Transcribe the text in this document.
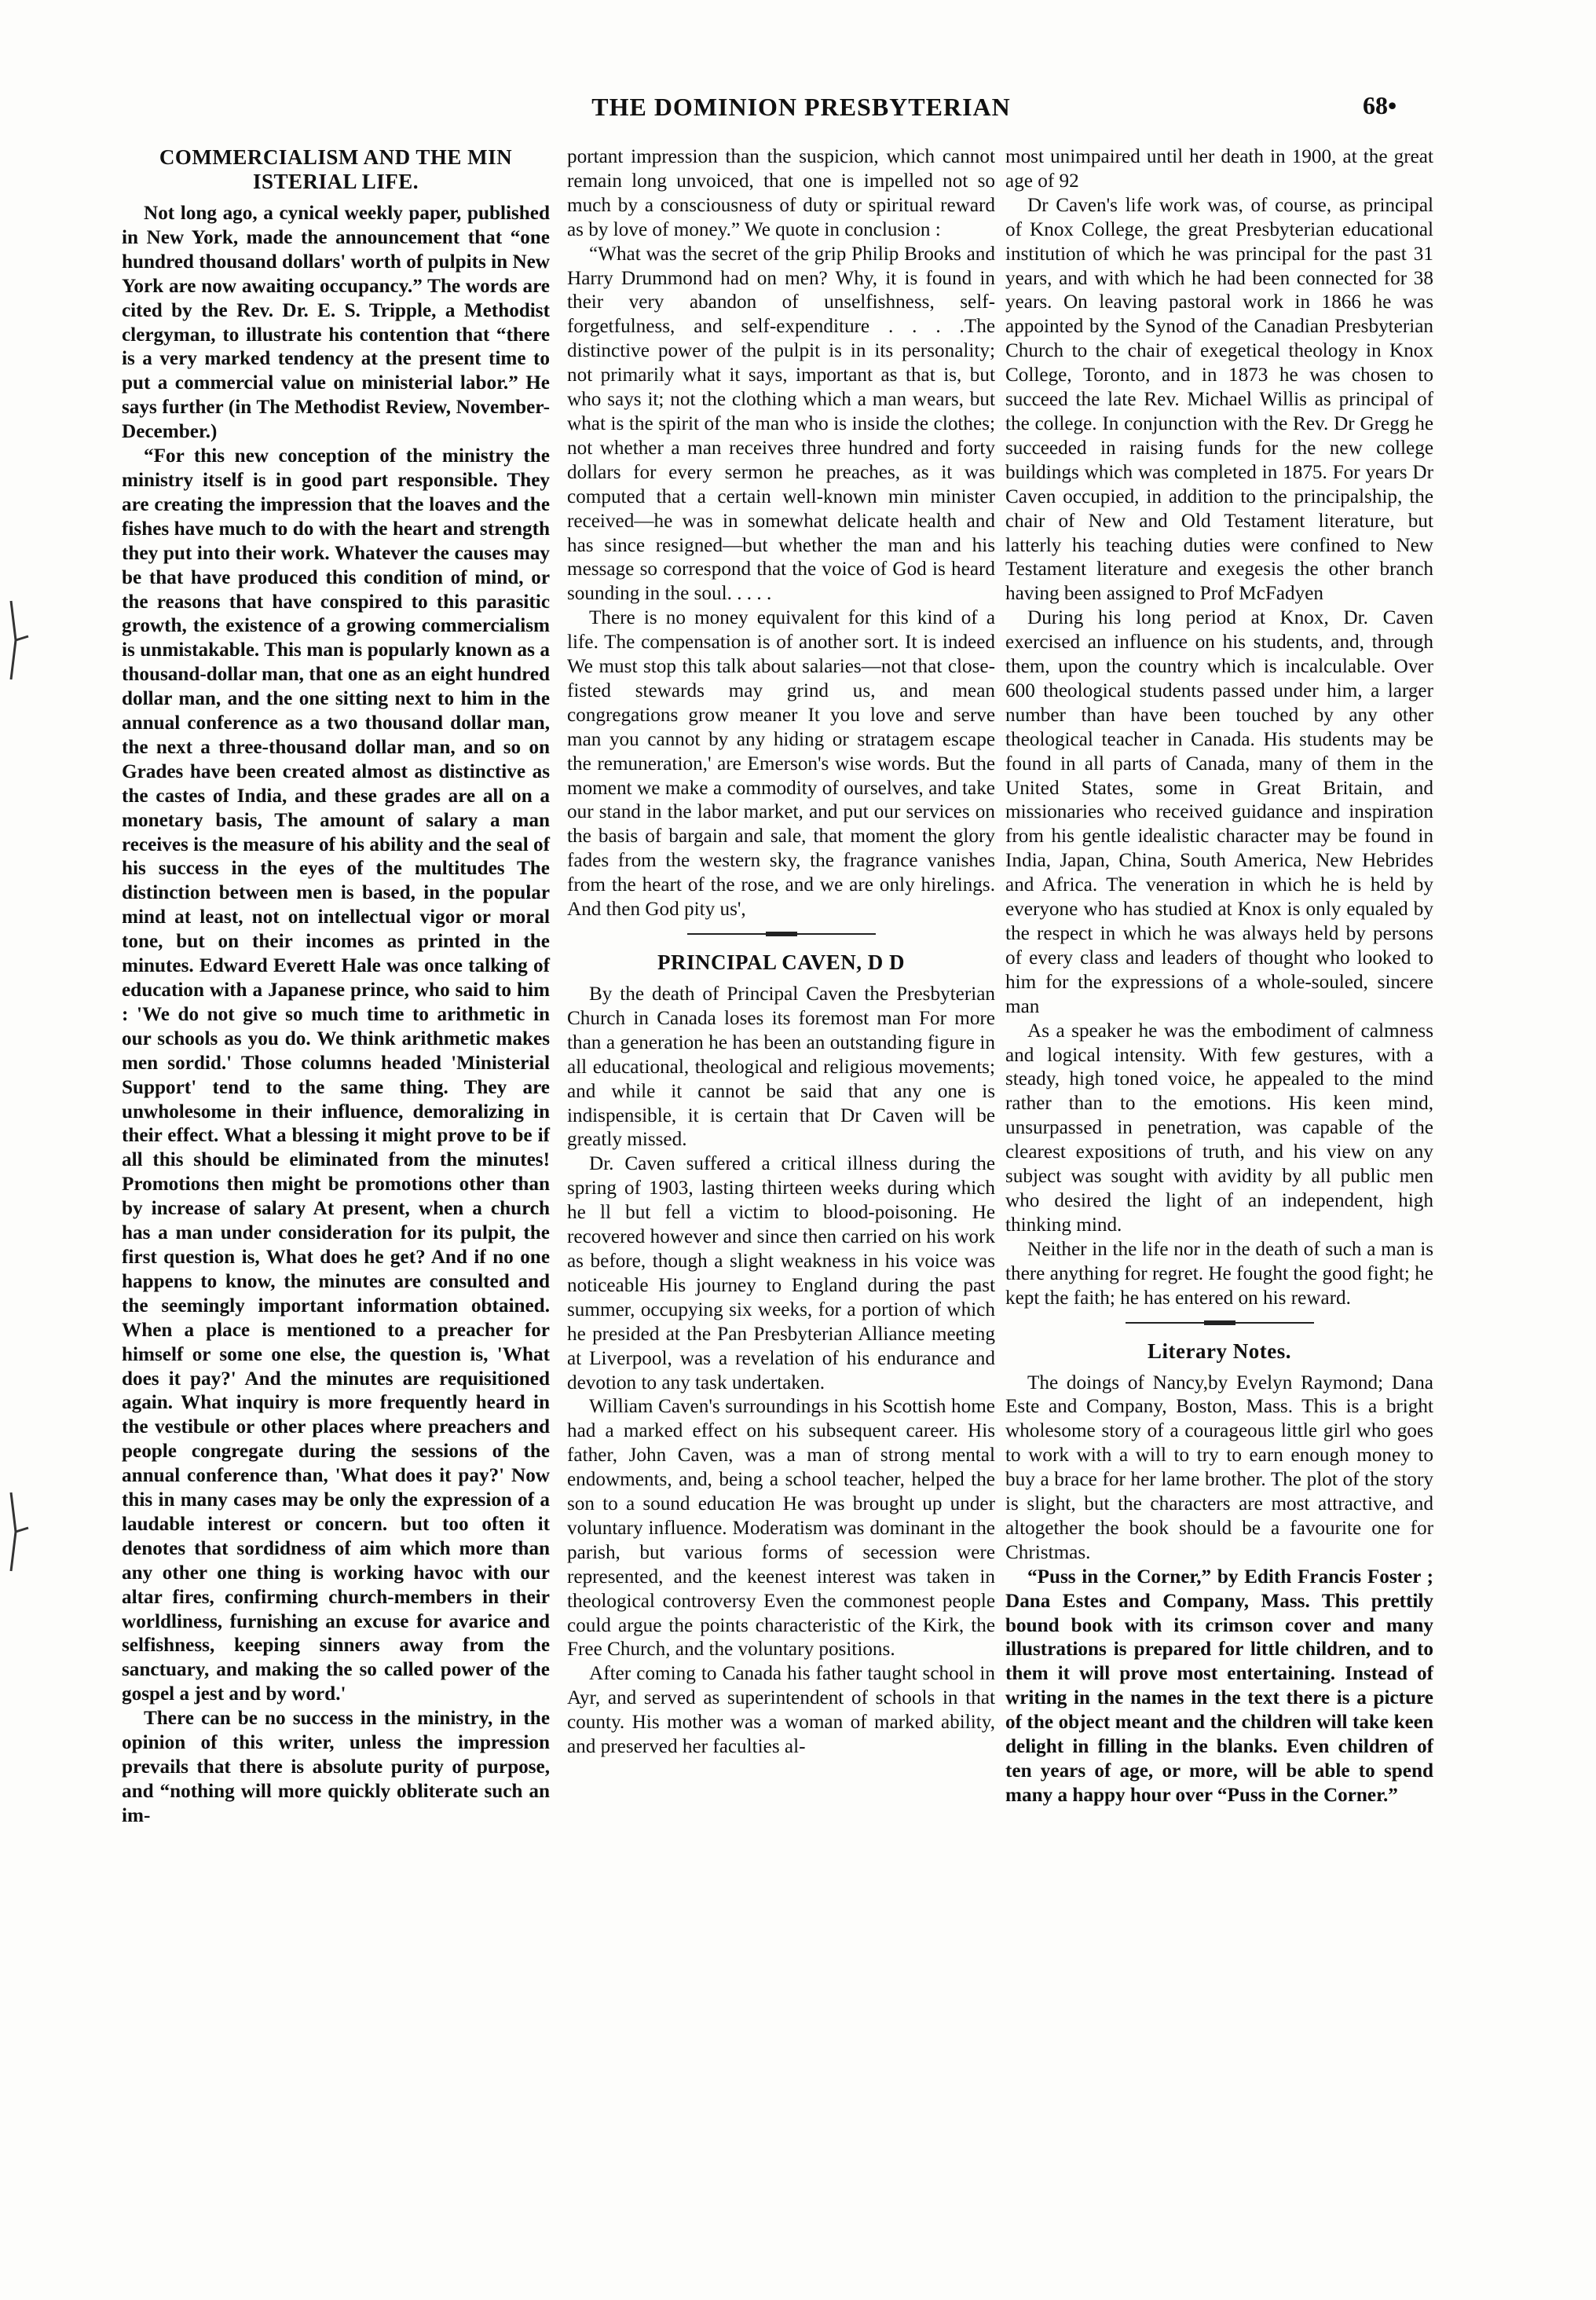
THE DOMINION PRESBYTERIAN	68•
COMMERCIALISM AND THE MIN ISTERIAL LIFE.

Not long ago, a cynical weekly paper, published in New York, made the announcement that “one hundred thousand dollars' worth of pulpits in New York are now awaiting occupancy.” The words are cited by the Rev. Dr. E. S. Tripple, a Methodist clergyman, to illustrate his contention that “there is a very marked tendency at the present time to put a commercial value on ministerial labor.” He says further (in The Methodist Review, November-December.)

“For this new conception of the ministry the ministry itself is in good part responsible. They are creating the impression that the loaves and the fishes have much to do with the heart and strength they put into their work. Whatever the causes may be that have produced this condition of mind, or the reasons that have conspired to this parasitic growth, the existence of a growing commercialism is unmistakable. This man is popularly known as a thousand-dollar man, that one as an eight hundred dollar man, and the one sitting next to him in the annual conference as a two thousand dollar man, the next a three-thousand dollar man, and so on Grades have been created almost as distinctive as the castes of India, and these grades are all on a monetary basis, The amount of salary a man receives is the measure of his ability and the seal of his success in the eyes of the multitudes The distinction between men is based, in the popular mind at least, not on intellectual vigor or moral tone, but on their incomes as printed in the minutes. Edward Everett Hale was once talking of education with a Japanese prince, who said to him : 'We do not give so much time to arithmetic in our schools as you do. We think arithmetic makes men sordid.' Those columns headed 'Ministerial Support' tend to the same thing. They are unwholesome in their influence, demoralizing in their effect. What a blessing it might prove to be if all this should be eliminated from the minutes! Promotions then might be promotions other than by increase of salary At present, when a church has a man under consideration for its pulpit, the first question is, What does he get? And if no one happens to know, the minutes are consulted and the seemingly important information obtained. When a place is mentioned to a preacher for himself or some one else, the question is, 'What does it pay?' And the minutes are requisitioned again. What inquiry is more frequently heard in the vestibule or other places where preachers and people congregate during the sessions of the annual conference than, 'What does it pay?' Now this in many cases may be only the expression of a laudable interest or concern. but too often it denotes that sordidness of aim which more than any other one thing is working havoc with our altar fires, confirming church-members in their worldliness, furnishing an excuse for avarice and selfishness, keeping sinners away from the sanctuary, and making the so called power of the gospel a jest and by word.'

There can be no success in the ministry, in the opinion of this writer, unless the impression prevails that there is absolute purity of purpose, and “nothing will more quickly obliterate such an im-

portant impression than the suspicion, which cannot remain long unvoiced, that one is impelled not so much by a consciousness of duty or spiritual reward as by love of money.” We quote in conclusion :

“What was the secret of the grip Philip Brooks and Harry Drummond had on men? Why, it is found in their very abandon of unselfishness, self-forgetfulness, and self-expenditure . . . .The distinctive power of the pulpit is in its personality; not primarily what it says, important as that is, but who says it; not the clothing which a man wears, but what is the spirit of the man who is inside the clothes; not whether a man receives three hundred and forty dollars for every sermon he preaches, as it was computed that a certain well-known min minister received—he was in somewhat delicate health and has since resigned—but whether the man and his message so correspond that the voice of God is heard sounding in the soul. . . . .

There is no money equivalent for this kind of a life. The compensation is of another sort. It is indeed We must stop this talk about salaries—not that close-fisted stewards may grind us, and mean congregations grow meaner It you love and serve man you cannot by any hiding or stratagem escape the remuneration,' are Emerson's wise words. But the moment we make a commodity of ourselves, and take our stand in the labor market, and put our services on the basis of bargain and sale, that moment the glory fades from the western sky, the fragrance vanishes from the heart of the rose, and we are only hirelings. And then God pity us',

PRINCIPAL CAVEN, D D

By the death of Principal Caven the Presbyterian Church in Canada loses its foremost man For more than a generation he has been an outstanding figure in all educational, theological and religious movements; and while it cannot be said that any one is indispensible, it is certain that Dr Caven will be greatly missed.

Dr. Caven suffered a critical illness during the spring of 1903, lasting thirteen weeks during which he ll but fell a victim to blood-poisoning. He recovered however and since then carried on his work as before, though a slight weakness in his voice was noticeable His journey to England during the past summer, occupying six weeks, for a portion of which he presided at the Pan Presbyterian Alliance meeting at Liverpool, was a revelation of his endurance and devotion to any task undertaken.

William Caven's surroundings in his Scottish home had a marked effect on his subsequent career. His father, John Caven, was a man of strong mental endowments, and, being a school teacher, helped the son to a sound education He was brought up under voluntary influence. Moderatism was dominant in the parish, but various forms of secession were represented, and the keenest interest was taken in theological controversy Even the commonest people could argue the points characteristic of the Kirk, the Free Church, and the voluntary positions.

After coming to Canada his father taught school in Ayr, and served as superintendent of schools in that county. His mother was a woman of marked ability, and preserved her faculties al-

most unimpaired until her death in 1900, at the great age of 92

Dr Caven's life work was, of course, as principal of Knox College, the great Presbyterian educational institution of which he was principal for the past 31 years, and with which he had been connected for 38 years. On leaving pastoral work in 1866 he was appointed by the Synod of the Canadian Presbyterian Church to the chair of exegetical theology in Knox College, Toronto, and in 1873 he was chosen to succeed the late Rev. Michael Willis as principal of the college. In conjunction with the Rev. Dr Gregg he succeeded in raising funds for the new college buildings which was completed in 1875. For years Dr Caven occupied, in addition to the principalship, the chair of New and Old Testament literature, but latterly his teaching duties were confined to New Testament literature and exegesis the other branch having been assigned to Prof McFadyen

During his long period at Knox, Dr. Caven exercised an influence on his students, and, through them, upon the country which is incalculable. Over 600 theological students passed under him, a larger number than have been touched by any other theological teacher in Canada. His students may be found in all parts of Canada, many of them in the United States, some in Great Britain, and missionaries who received guidance and inspiration from his gentle idealistic character may be found in India, Japan, China, South America, New Hebrides and Africa. The veneration in which he is held by everyone who has studied at Knox is only equaled by the respect in which he was always held by persons of every class and leaders of thought who looked to him for the expressions of a whole-souled, sincere man

As a speaker he was the embodiment of calmness and logical intensity. With few gestures, with a steady, high toned voice, he appealed to the mind rather than to the emotions. His keen mind, unsurpassed in penetration, was capable of the clearest expositions of truth, and his view on any subject was sought with avidity by all public men who desired the light of an independent, high thinking mind.

Neither in the life nor in the death of such a man is there anything for regret. He fought the good fight; he kept the faith; he has entered on his reward.

Literary Notes.

The doings of Nancy,by Evelyn Raymond; Dana Este and Company, Boston, Mass. This is a bright wholesome story of a courageous little girl who goes to work with a will to try to earn enough money to buy a brace for her lame brother. The plot of the story is slight, but the characters are most attractive, and altogether the book should be a favourite one for Christmas.

“Puss in the Corner,” by Edith Francis Foster ; Dana Estes and Company, Mass. This prettily bound book with its crimson cover and many illustrations is prepared for little children, and to them it will prove most entertaining. Instead of writing in the names in the text there is a picture of the object meant and the children will take keen delight in filling in the blanks. Even children of ten years of age, or more, will be able to spend many a happy hour over “Puss in the Corner.”
